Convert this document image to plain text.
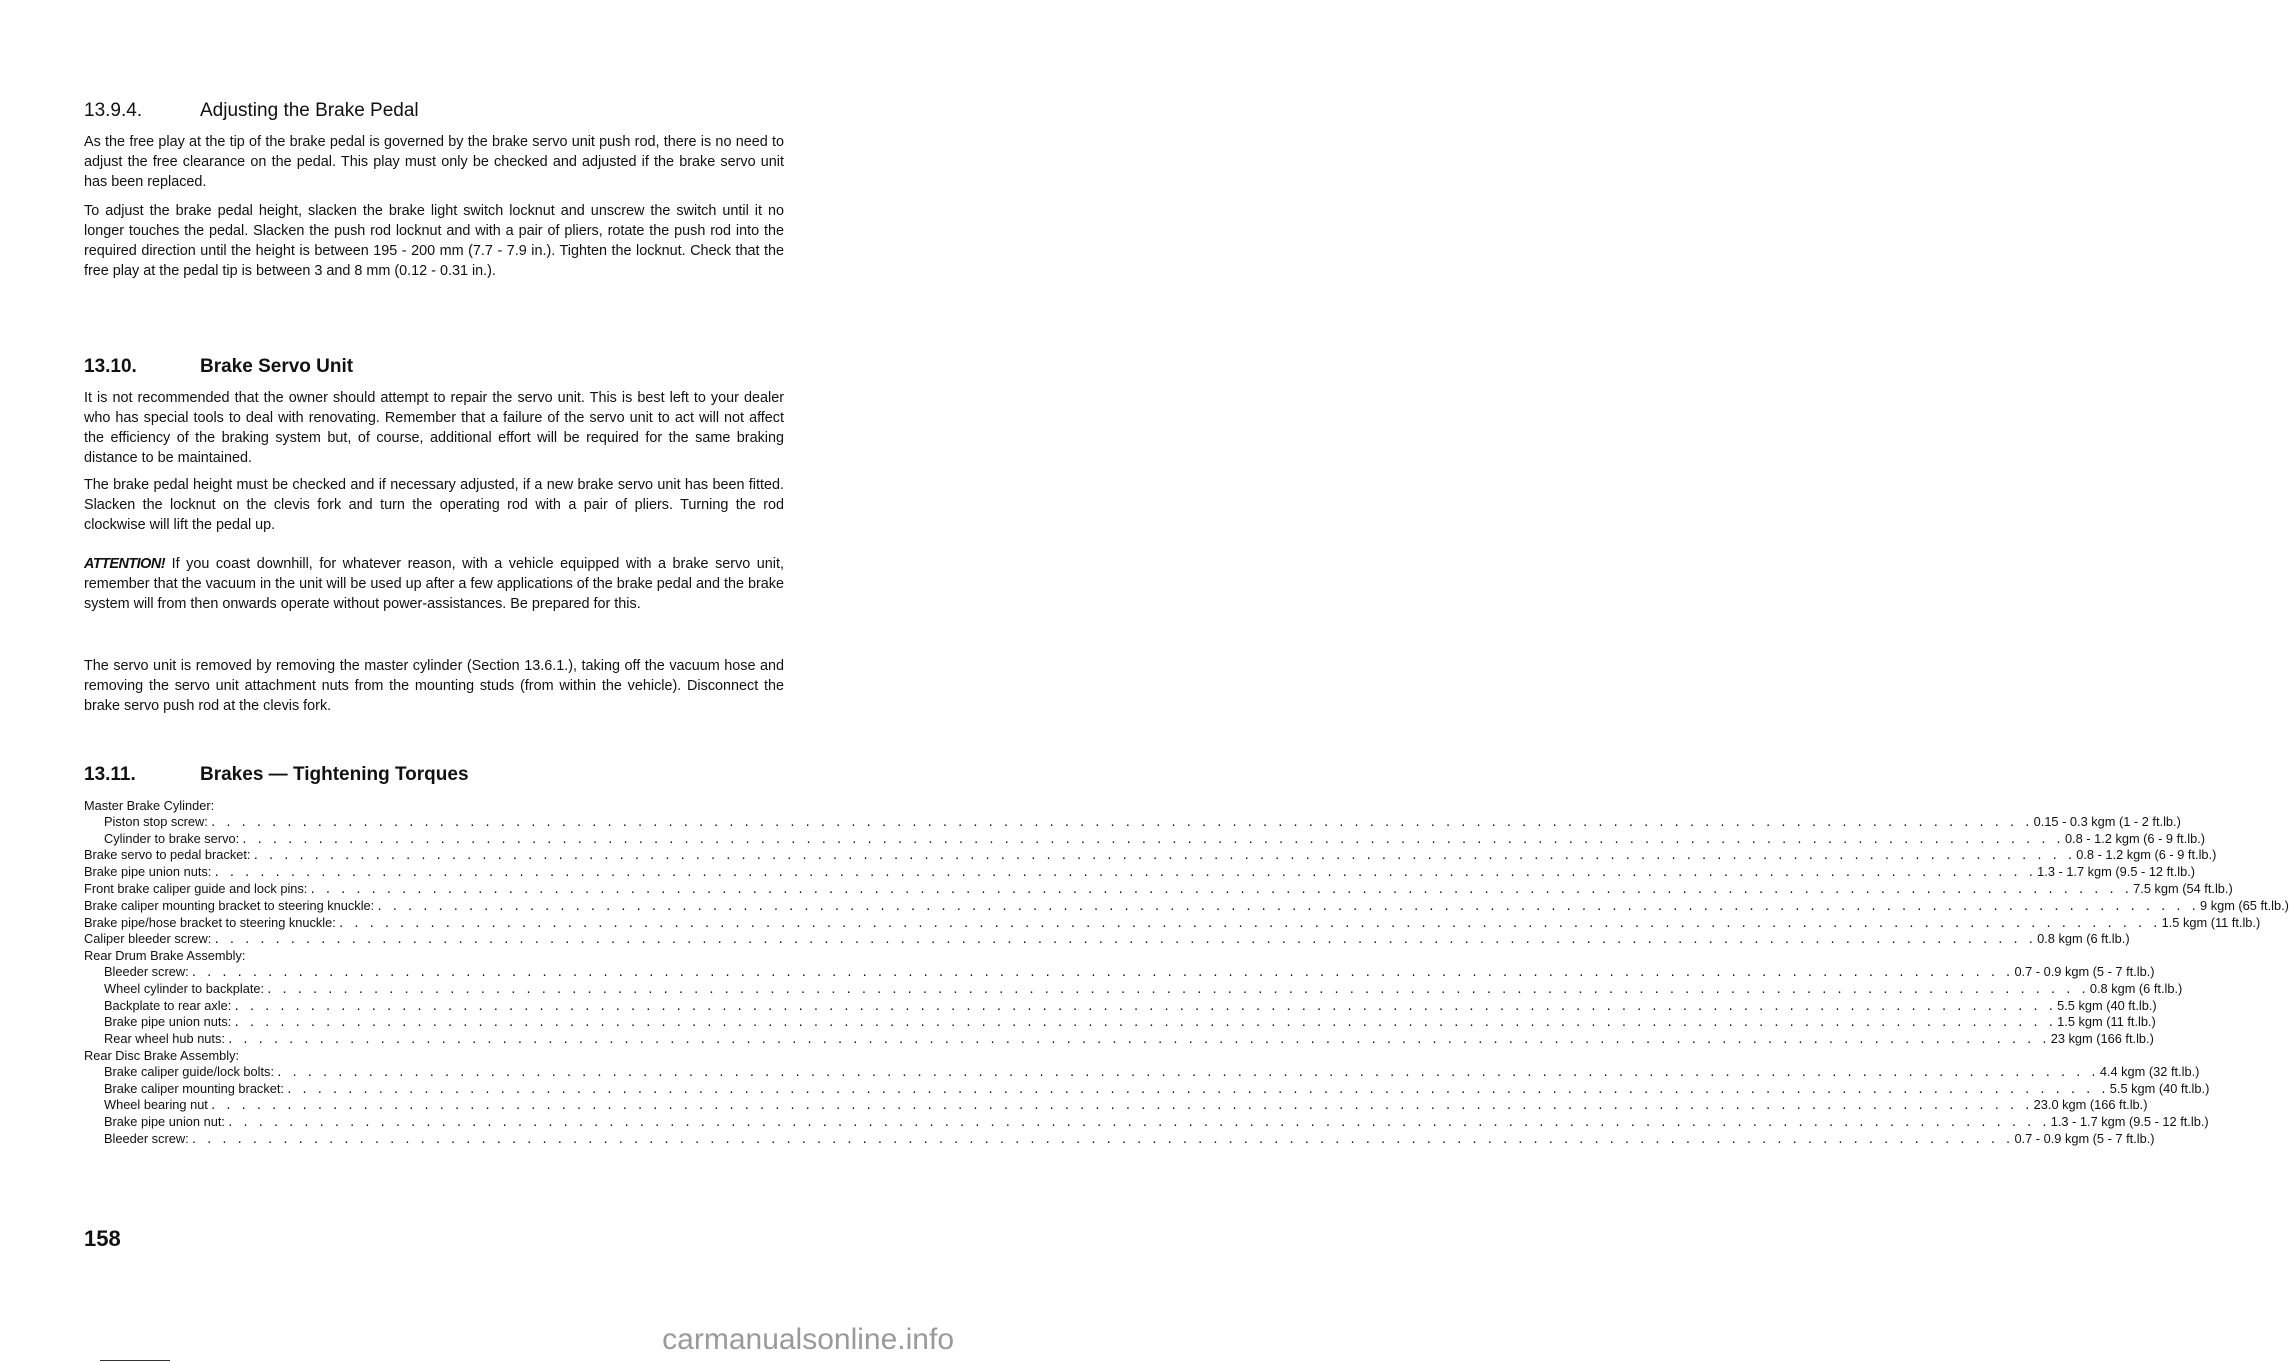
13.9.4.	Adjusting the Brake Pedal

As the free play at the tip of the brake pedal is governed by the brake servo unit push rod, there is no need to adjust the free clearance on the pedal. This play must only be checked and adjusted if the brake servo unit has been replaced.

To adjust the brake pedal height, slacken the brake light switch locknut and unscrew the switch until it no longer touches the pedal. Slacken the push rod locknut and with a pair of pliers, rotate the push rod into the required direction until the height is between 195 - 200 mm (7.7 - 7.9 in.). Tighten the locknut. Check that the free play at the pedal tip is between 3 and 8 mm (0.12 - 0.31 in.).

13.10.	Brake Servo Unit

It is not recommended that the owner should attempt to repair the servo unit. This is best left to your dealer who has special tools to deal with renovating. Remember that a failure of the servo unit to act will not affect the efficiency of the braking system but, of course, additional effort will be required for the same braking distance to be maintained.

The brake pedal height must be checked and if necessary adjusted, if a new brake servo unit has been fitted. Slacken the locknut on the clevis fork and turn the operating rod with a pair of pliers. Turning the rod clockwise will lift the pedal up.

ATTENTION! If you coast downhill, for whatever reason, with a vehicle equipped with a brake servo unit, remember that the vacuum in the unit will be used up after a few applications of the brake pedal and the brake system will from then onwards operate without power-assistances. Be prepared for this.

The servo unit is removed by removing the master cylinder (Section 13.6.1.), taking off the vacuum hose and removing the servo unit attachment nuts from the mounting studs (from within the vehicle). Disconnect the brake servo push rod at the clevis fork.

13.11.	Brakes — Tightening Torques
Master Brake Cylinder:
Piston stop screw: . . . . . . . . . . . . . . . . . . . . . . . . . . . . . . . . . . . . . . . . . . . . . . . . . . . . . . . . . . . . . . . . . . . . . . . . . . . . . . . . . . . . . . . . . . . . . . . . . . . . . . . . . . . . . . . . . . . . . . . . 0.15 - 0.3 kgm (1 - 2 ft.lb.)
Cylinder to brake servo: . . . . . . . . . . . . . . . . . . . . . . . . . . . . . . . . . . . . . . . . . . . . . . . . . . . . . . . . . . . . . . . . . . . . . . . . . . . . . . . . . . . . . . . . . . . . . . . . . . . . . . . . . . . . . . . . . . . . . . . . 0.8 - 1.2 kgm (6 - 9 ft.lb.)
Brake servo to pedal bracket: . . . . . . . . . . . . . . . . . . . . . . . . . . . . . . . . . . . . . . . . . . . . . . . . . . . . . . . . . . . . . . . . . . . . . . . . . . . . . . . . . . . . . . . . . . . . . . . . . . . . . . . . . . . . . . . . . . . . . . . . 0.8 - 1.2 kgm (6 - 9 ft.lb.)
Brake pipe union nuts: . . . . . . . . . . . . . . . . . . . . . . . . . . . . . . . . . . . . . . . . . . . . . . . . . . . . . . . . . . . . . . . . . . . . . . . . . . . . . . . . . . . . . . . . . . . . . . . . . . . . . . . . . . . . . . . . . . . . . . . . 1.3 - 1.7 kgm (9.5 - 12 ft.lb.)
Front brake caliper guide and lock pins: . . . . . . . . . . . . . . . . . . . . . . . . . . . . . . . . . . . . . . . . . . . . . . . . . . . . . . . . . . . . . . . . . . . . . . . . . . . . . . . . . . . . . . . . . . . . . . . . . . . . . . . . . . . . . . . . . . . . . . . . 7.5 kgm (54 ft.lb.)
Brake caliper mounting bracket to steering knuckle: . . . . . . . . . . . . . . . . . . . . . . . . . . . . . . . . . . . . . . . . . . . . . . . . . . . . . . . . . . . . . . . . . . . . . . . . . . . . . . . . . . . . . . . . . . . . . . . . . . . . . . . . . . . . . . . . . . . . . . . . 9 kgm (65 ft.lb.)
Brake pipe/hose bracket to steering knuckle: . . . . . . . . . . . . . . . . . . . . . . . . . . . . . . . . . . . . . . . . . . . . . . . . . . . . . . . . . . . . . . . . . . . . . . . . . . . . . . . . . . . . . . . . . . . . . . . . . . . . . . . . . . . . . . . . . . . . . . . . 1.5 kgm (11 ft.lb.)
Caliper bleeder screw: . . . . . . . . . . . . . . . . . . . . . . . . . . . . . . . . . . . . . . . . . . . . . . . . . . . . . . . . . . . . . . . . . . . . . . . . . . . . . . . . . . . . . . . . . . . . . . . . . . . . . . . . . . . . . . . . . . . . . . . . 0.8 kgm (6 ft.lb.)
Rear Drum Brake Assembly:
Bleeder screw: . . . . . . . . . . . . . . . . . . . . . . . . . . . . . . . . . . . . . . . . . . . . . . . . . . . . . . . . . . . . . . . . . . . . . . . . . . . . . . . . . . . . . . . . . . . . . . . . . . . . . . . . . . . . . . . . . . . . . . . . 0.7 - 0.9 kgm (5 - 7 ft.lb.)
Wheel cylinder to backplate: . . . . . . . . . . . . . . . . . . . . . . . . . . . . . . . . . . . . . . . . . . . . . . . . . . . . . . . . . . . . . . . . . . . . . . . . . . . . . . . . . . . . . . . . . . . . . . . . . . . . . . . . . . . . . . . . . . . . . . . . 0.8 kgm (6 ft.lb.)
Backplate to rear axle: . . . . . . . . . . . . . . . . . . . . . . . . . . . . . . . . . . . . . . . . . . . . . . . . . . . . . . . . . . . . . . . . . . . . . . . . . . . . . . . . . . . . . . . . . . . . . . . . . . . . . . . . . . . . . . . . . . . . . . . . 5.5 kgm (40 ft.lb.)
Brake pipe union nuts: . . . . . . . . . . . . . . . . . . . . . . . . . . . . . . . . . . . . . . . . . . . . . . . . . . . . . . . . . . . . . . . . . . . . . . . . . . . . . . . . . . . . . . . . . . . . . . . . . . . . . . . . . . . . . . . . . . . . . . . . 1.5 kgm (11 ft.lb.)
Rear wheel hub nuts: . . . . . . . . . . . . . . . . . . . . . . . . . . . . . . . . . . . . . . . . . . . . . . . . . . . . . . . . . . . . . . . . . . . . . . . . . . . . . . . . . . . . . . . . . . . . . . . . . . . . . . . . . . . . . . . . . . . . . . . . 23 kgm (166 ft.lb.)
Rear Disc Brake Assembly:
Brake caliper guide/lock bolts: . . . . . . . . . . . . . . . . . . . . . . . . . . . . . . . . . . . . . . . . . . . . . . . . . . . . . . . . . . . . . . . . . . . . . . . . . . . . . . . . . . . . . . . . . . . . . . . . . . . . . . . . . . . . . . . . . . . . . . . . 4.4 kgm (32 ft.lb.)
Brake caliper mounting bracket: . . . . . . . . . . . . . . . . . . . . . . . . . . . . . . . . . . . . . . . . . . . . . . . . . . . . . . . . . . . . . . . . . . . . . . . . . . . . . . . . . . . . . . . . . . . . . . . . . . . . . . . . . . . . . . . . . . . . . . . . 5.5 kgm (40 ft.lb.)
Wheel bearing nut . . . . . . . . . . . . . . . . . . . . . . . . . . . . . . . . . . . . . . . . . . . . . . . . . . . . . . . . . . . . . . . . . . . . . . . . . . . . . . . . . . . . . . . . . . . . . . . . . . . . . . . . . . . . . . . . . . . . . . . . 23.0 kgm (166 ft.lb.)
Brake pipe union nut: . . . . . . . . . . . . . . . . . . . . . . . . . . . . . . . . . . . . . . . . . . . . . . . . . . . . . . . . . . . . . . . . . . . . . . . . . . . . . . . . . . . . . . . . . . . . . . . . . . . . . . . . . . . . . . . . . . . . . . . . 1.3 - 1.7 kgm (9.5 - 12 ft.lb.)
Bleeder screw: . . . . . . . . . . . . . . . . . . . . . . . . . . . . . . . . . . . . . . . . . . . . . . . . . . . . . . . . . . . . . . . . . . . . . . . . . . . . . . . . . . . . . . . . . . . . . . . . . . . . . . . . . . . . . . . . . . . . . . . . 0.7 - 0.9 kgm (5 - 7 ft.lb.)
158
carmanualsonline.info
